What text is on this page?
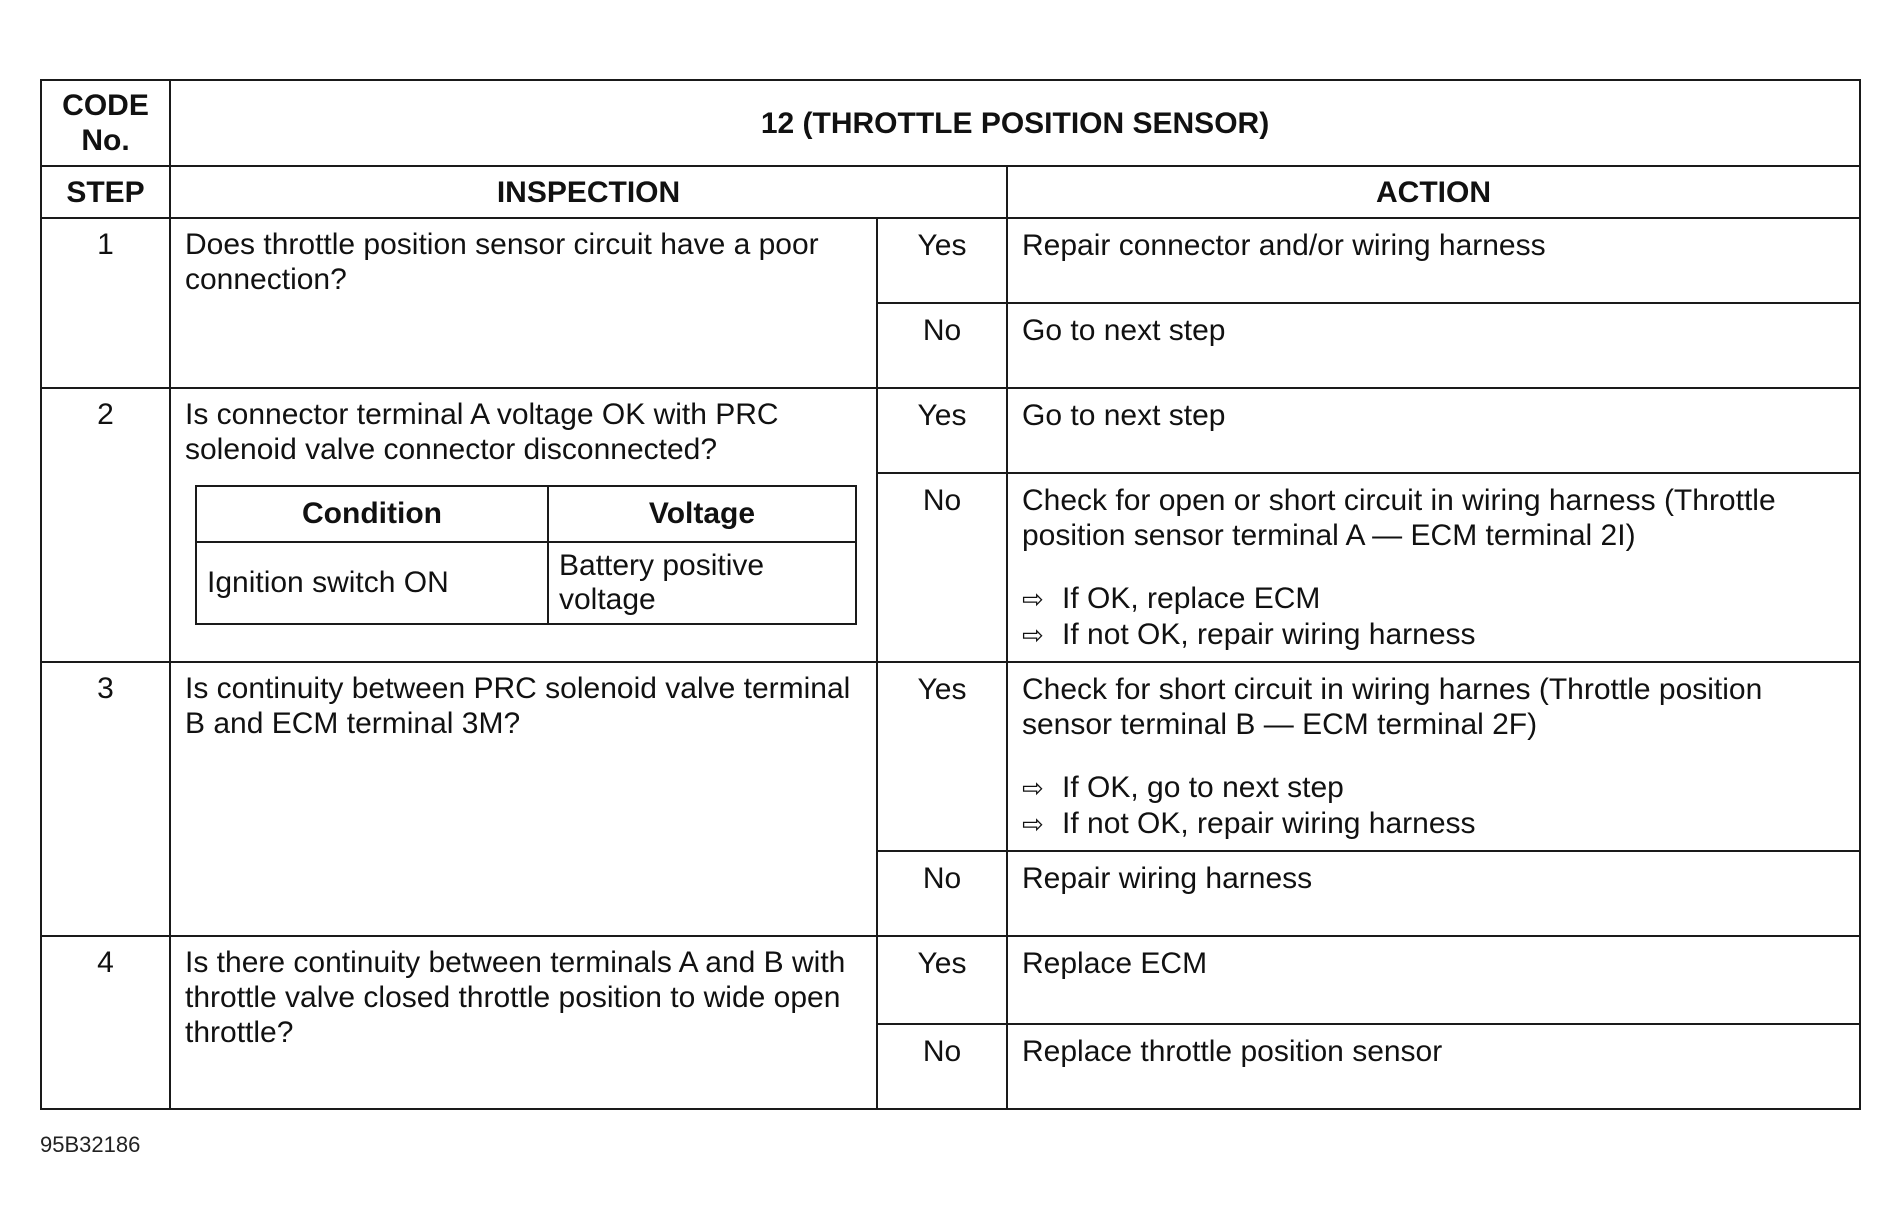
CODE
No.	12 (THROTTLE POSITION SENSOR)
STEP	INSPECTION	ACTION
1	Does throttle position sensor circuit have a poor connection?	Yes	Repair connector and/or wiring harness
No	Go to next step
2	Is connector terminal A voltage OK with PRC solenoid valve connector disconnected?
Condition	Voltage
Ignition switch ON	Battery positive voltage
	Yes	Go to next step
No	Check for open or short circuit in wiring harness (Throttle position sensor terminal A — ECM terminal 2I)
⇨ If OK, replace ECM
⇨ If not OK, repair wiring harness

3	Is continuity between PRC solenoid valve terminal B and ECM terminal 3M?	Yes	Check for short circuit in wiring harnes (Throttle position sensor terminal B — ECM terminal 2F)
⇨ If OK, go to next step
⇨ If not OK, repair wiring harness

No	Repair wiring harness
4	Is there continuity between terminals A and B with throttle valve closed throttle position to wide open throttle?	Yes	Replace ECM
No	Replace throttle position sensor
95B32186
